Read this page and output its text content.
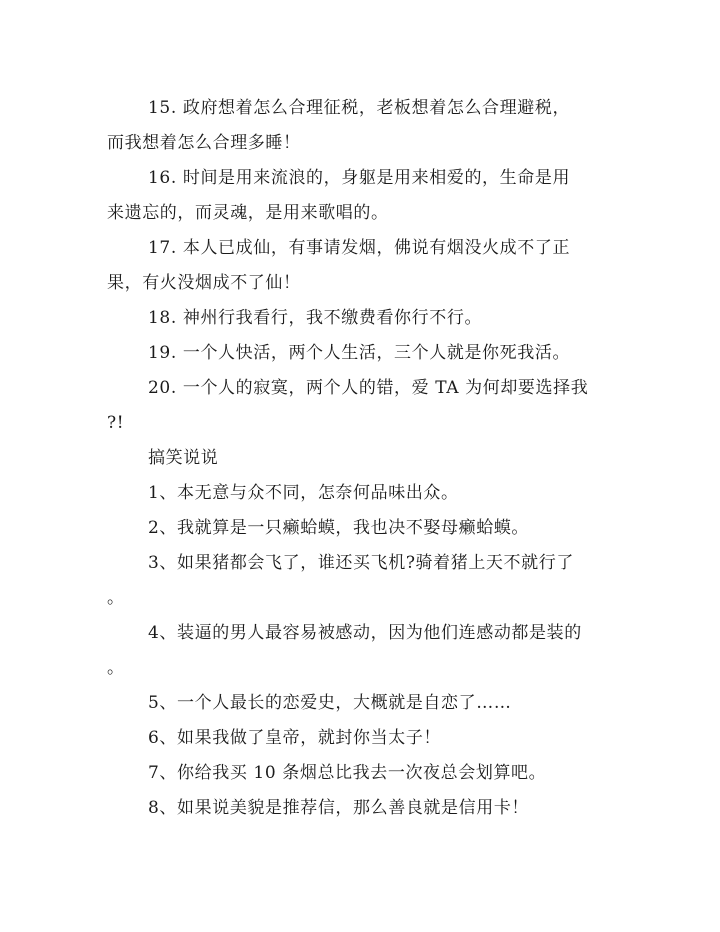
15. 政府想着怎么合理征税，老板想着怎么合理避税，
而我想着怎么合理多睡！
16. 时间是用来流浪的，身躯是用来相爱的，生命是用
来遗忘的，而灵魂，是用来歌唱的。
17. 本人已成仙，有事请发烟，佛说有烟没火成不了正
果，有火没烟成不了仙！
18. 神州行我看行，我不缴费看你行不行。
19. 一个人快活，两个人生活，三个人就是你死我活。
20. 一个人的寂寞，两个人的错，爱 TA 为何却要选择我
?!
搞笑说说
1、本无意与众不同，怎奈何品味出众。
2、我就算是一只癞蛤蟆，我也决不娶母癞蛤蟆。
3、如果猪都会飞了，谁还买飞机?骑着猪上天不就行了
。
4、装逼的男人最容易被感动，因为他们连感动都是装的
。
5、一个人最长的恋爱史，大概就是自恋了……
6、如果我做了皇帝，就封你当太子！
7、你给我买 10 条烟总比我去一次夜总会划算吧。
8、如果说美貌是推荐信，那么善良就是信用卡！
